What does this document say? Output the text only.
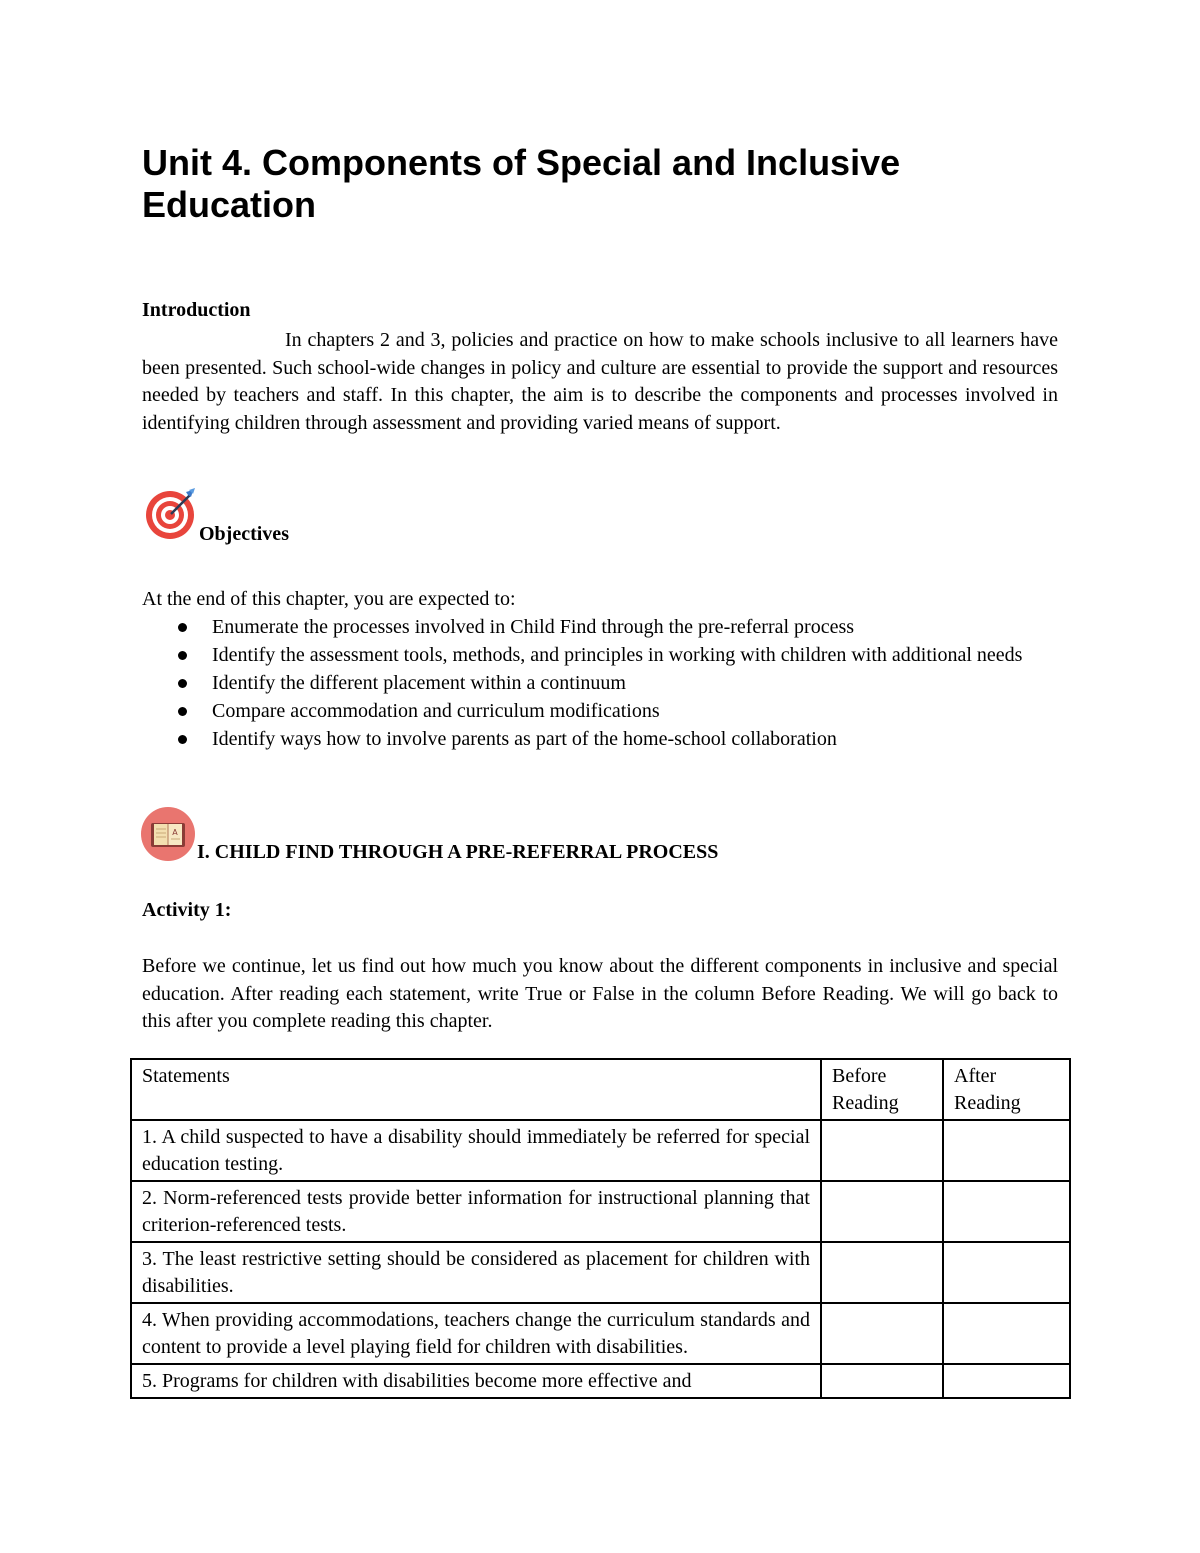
Unit 4. Components of Special and Inclusive Education
Introduction

In chapters 2 and 3, policies and practice on how to make schools inclusive to all learners have been presented. Such school-wide changes in policy and culture are essential to provide the support and resources needed by teachers and staff. In this chapter, the aim is to describe the components and processes involved in identifying children through assessment and providing varied means of support.

Objectives

At the end of this chapter, you are expected to:

Enumerate the processes involved in Child Find through the pre-referral process
Identify the assessment tools, methods, and principles in working with children with additional needs
Identify the different placement within a continuum
Compare accommodation and curriculum modifications
Identify ways how to involve parents as part of the home-school collaboration
A
I. CHILD FIND THROUGH A PRE-REFERRAL PROCESS
Activity 1:

Before we continue, let us find out how much you know about the different components in inclusive and special education. After reading each statement, write True or False in the column Before Reading. We will go back to this after you complete reading this chapter.

Statements	Before Reading	After Reading
1. A child suspected to have a disability should immediately be referred for special education testing.		
2. Norm-referenced tests provide better information for instructional planning that criterion-referenced tests.		
3. The least restrictive setting should be considered as placement for children with disabilities.		
4. When providing accommodations, teachers change the curriculum standards and content to provide a level playing field for children with disabilities.		

5. Programs for children with disabilities become more effective and		
